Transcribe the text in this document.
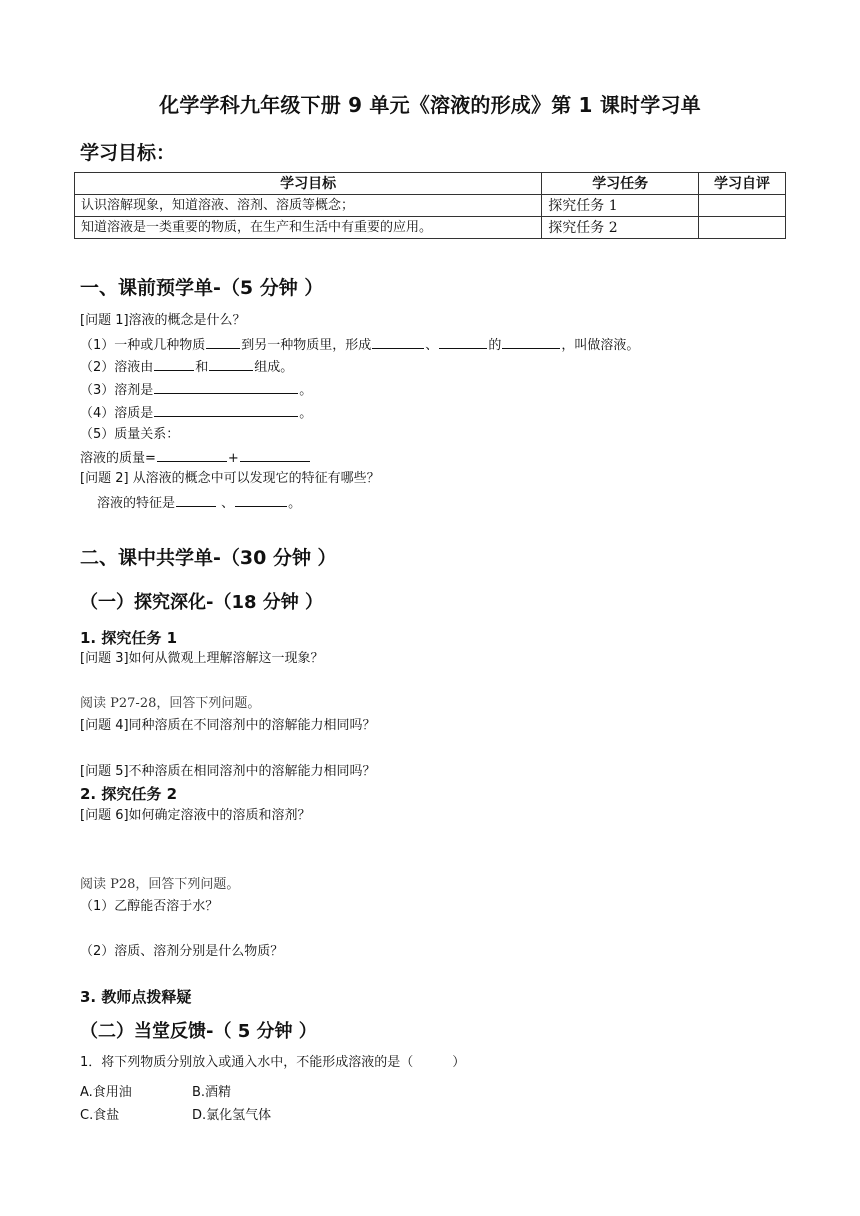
化学学科九年级下册 9 单元《溶液的形成》第 1 课时学习单
学习目标：
学习目标	学习任务	学习自评
认识溶解现象，知道溶液、溶剂、溶质等概念；	探究任务 1	
知道溶液是一类重要的物质，在生产和生活中有重要的应用。	探究任务 2	
一、课前预学单-（5 分钟 ）
[问题 1]溶液的概念是什么？
（1）一种或几种物质	到另一种物质里，形成	、	的	，叫做溶液。
（2）溶液由	和	组成。
（3）溶剂是	。
（4）溶质是	。
（5）质量关系：
溶液的质量=	+
[问题 2] 从溶液的概念中可以发现它的特征有哪些？
溶液的特征是	、	。
二、课中共学单-（30 分钟 ）
（一）探究深化-（18 分钟 ）
1. 探究任务 1
[问题 3]如何从微观上理解溶解这一现象？
阅读 P27-28，回答下列问题。
[问题 4]同种溶质在不同溶剂中的溶解能力相同吗？
[问题 5]不种溶质在相同溶剂中的溶解能力相同吗？
2. 探究任务 2
[问题 6]如何确定溶液中的溶质和溶剂？
阅读 P28，回答下列问题。
（1）乙醇能否溶于水？
（2）溶质、溶剂分别是什么物质？
3. 教师点拨释疑
（二）当堂反馈-（ 5 分钟 ）
1．将下列物质分别放入或通入水中，不能形成溶液的是（　　　）
A.食用油	B.酒精
C.食盐	D.氯化氢气体
